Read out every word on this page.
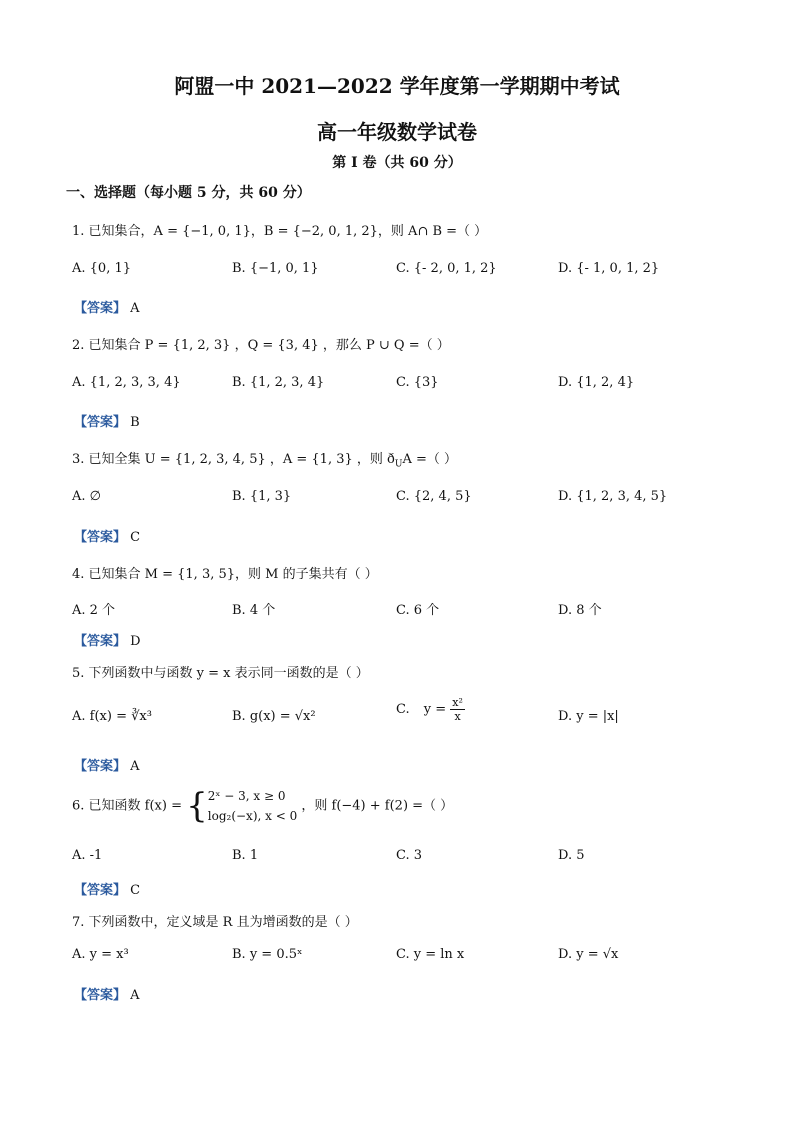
阿盟一中 2021—2022 学年度第一学期期中考试
高一年级数学试卷
第 I 卷（共 60 分）
一、选择题（每小题 5 分，共 60 分）
1. 已知集合，A = {−1, 0, 1}，B = {−2, 0, 1, 2}，则 A∩ B =（ ）
A. {0, 1}	B. {−1, 0, 1}	C. {- 2, 0, 1, 2}	D. {- 1, 0, 1, 2}
【答案】 A
2. 已知集合 P = {1, 2, 3} ，Q = {3, 4} ，那么 P ∪ Q =（ ）
A. {1, 2, 3, 3, 4}	B. {1, 2, 3, 4}	C. {3}	D. {1, 2, 4}
【答案】 B
3. 已知全集 U = {1, 2, 3, 4, 5} ，A = {1, 3} ，则 $ð_UA$ =（ ）
A. ∅	B. {1, 3}	C. {2, 4, 5}	D. {1, 2, 3, 4, 5}
【答案】 C
4. 已知集合 M = {1, 3, 5}，则 M 的子集共有（ ）
A. 2 个	B. 4 个	C. 6 个	D. 8 个
【答案】 D
5. 下列函数中与函数 y = x 表示同一函数的是（ ）
A. f(x) = ∛x³	B. g(x) = √x²	C. $y = \frac{\text{x²}}{x}$	D. y = |x|
【答案】 A
6. 已知函数 f(x) = { 2ˣ − 3, x ≥ 0
log₂(−x), x < 0
，则 f(−4) + f(2) =（ ）
A. -1	B. 1	C. 3	D. 5
【答案】 C
7. 下列函数中，定义域是 R 且为增函数的是（ ）
A. y = x³	B. y = 0.5ˣ	C. y = ln x	D. y = √x
【答案】 A
